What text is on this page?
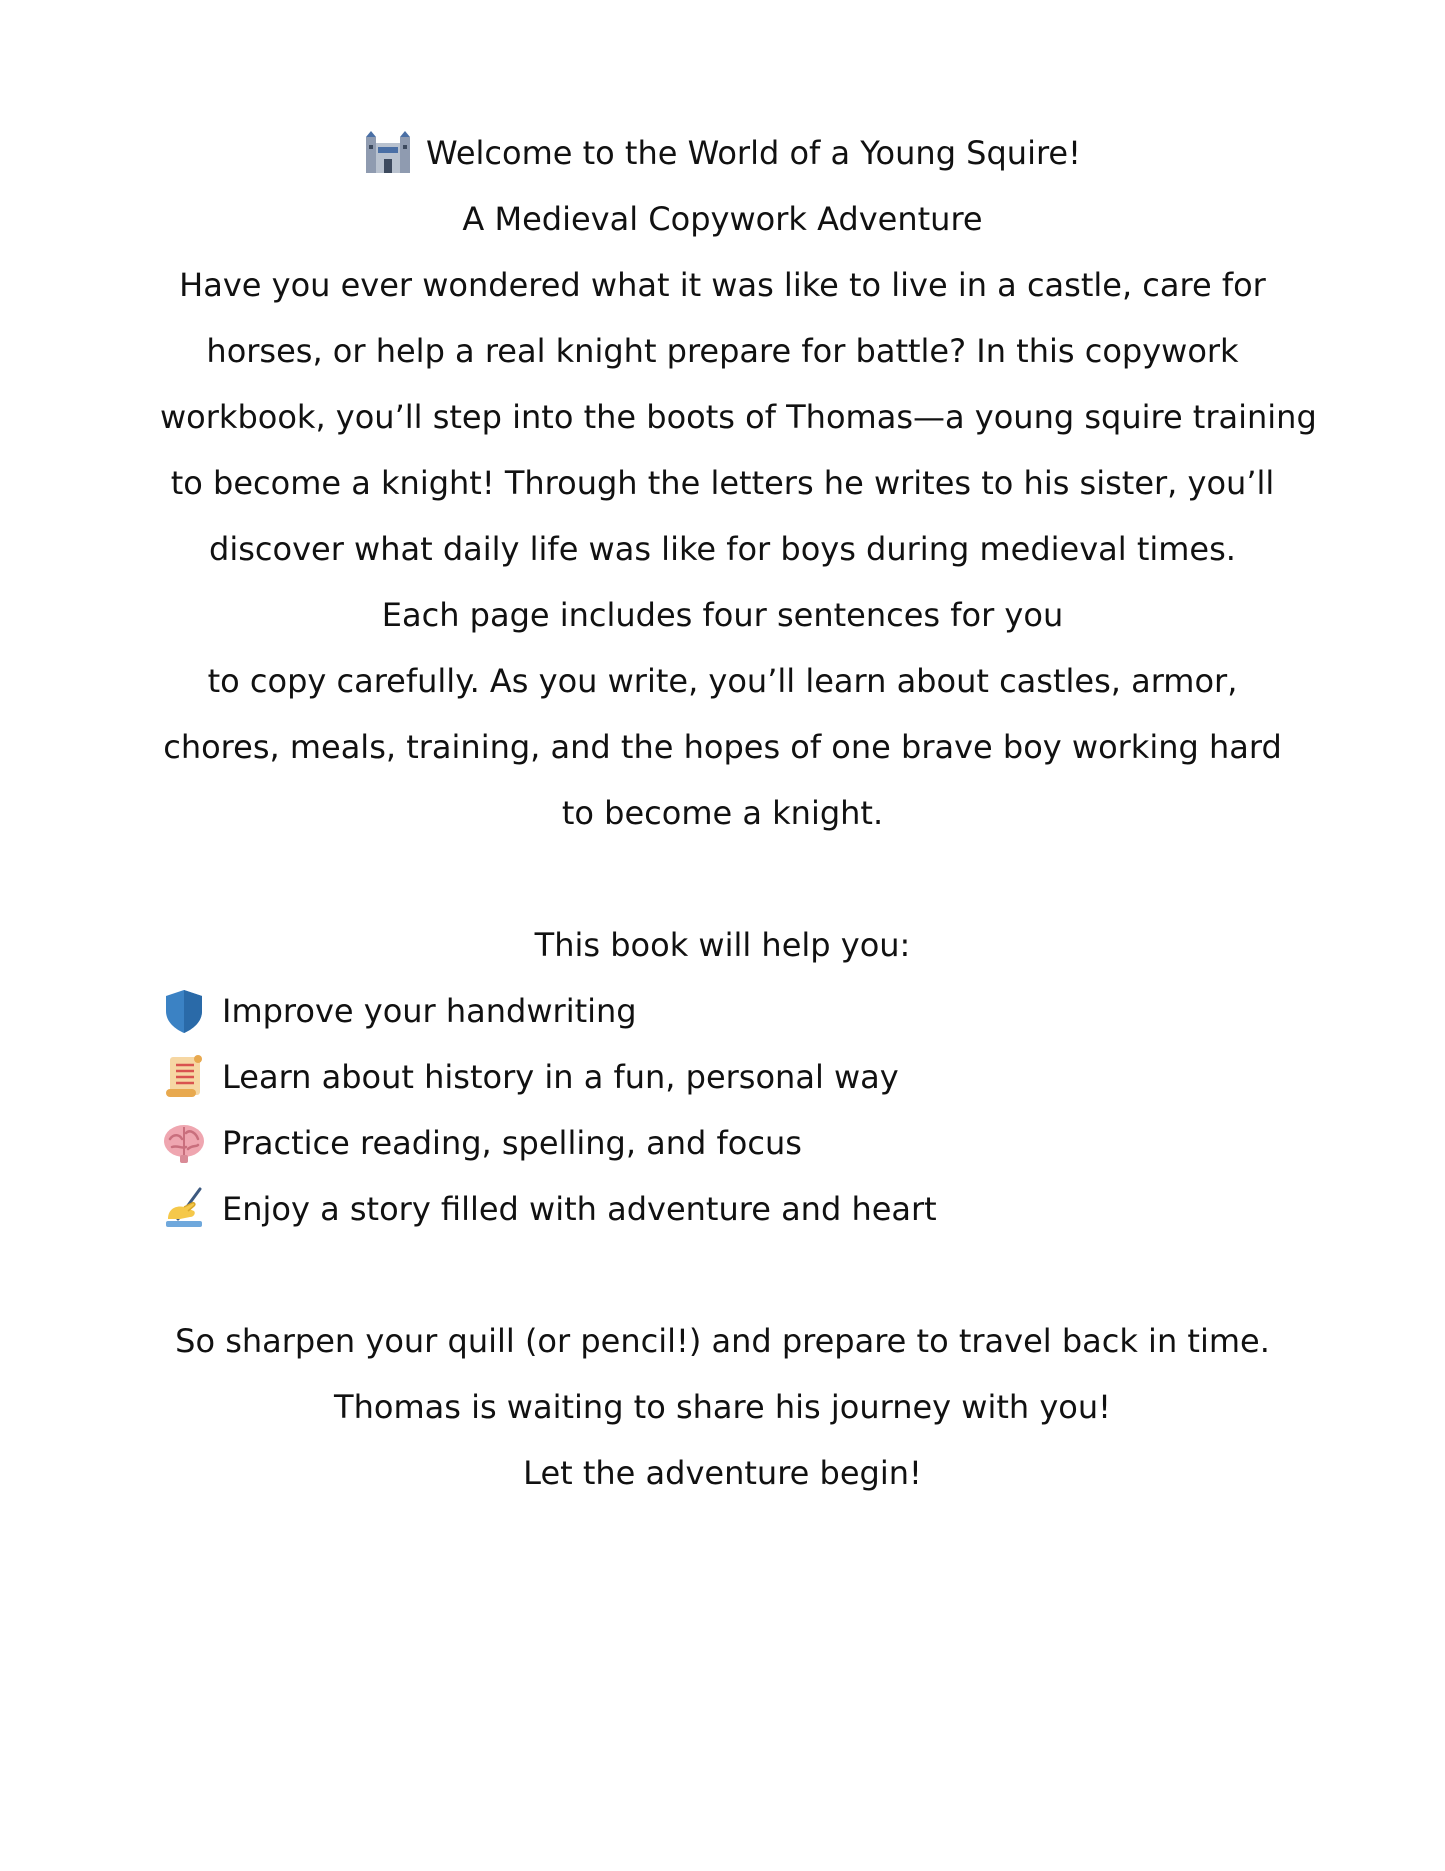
Welcome to the World of a Young Squire!

A Medieval Copywork Adventure

Have you ever wondered what it was like to live in a castle, care for

horses, or help a real knight prepare for battle? In this copywork

workbook, you’ll step into the boots of Thomas—a young squire training

to become a knight! Through the letters he writes to his sister, you’ll

discover what daily life was like for boys during medieval times.

Each page includes four sentences for you

to copy carefully. As you write, you’ll learn about castles, armor,

chores, meals, training, and the hopes of one brave boy working hard

to become a knight.

This book will help you:

Improve your handwriting
Learn about history in a fun, personal way
Practice reading, spelling, and focus
Enjoy a story filled with adventure and heart

So sharpen your quill (or pencil!) and prepare to travel back in time.

Thomas is waiting to share his journey with you!

Let the adventure begin!
